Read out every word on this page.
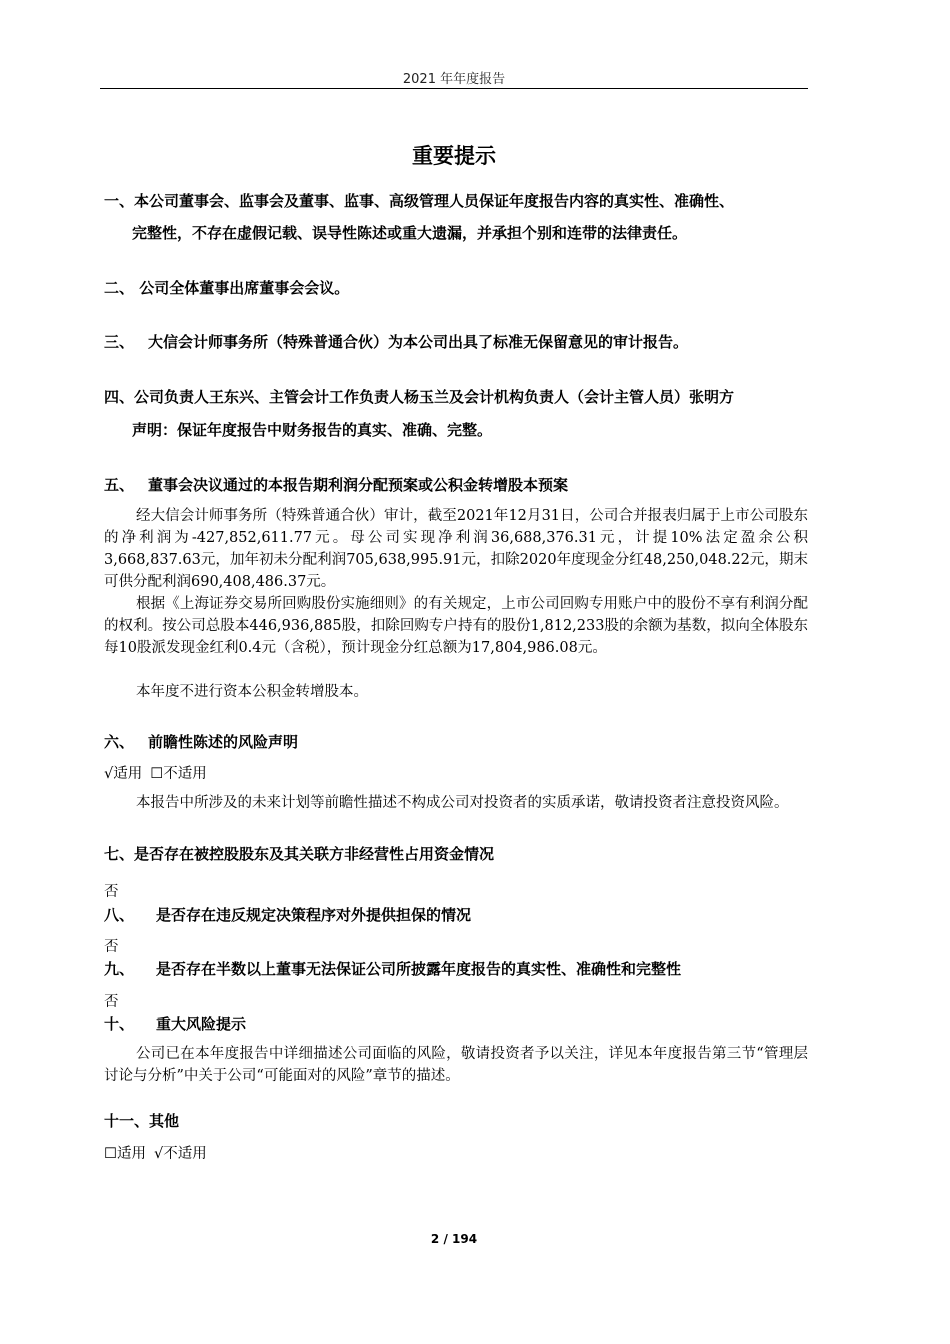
2021 年年度报告
重要提示
一、本公司董事会、监事会及董事、监事、高级管理人员保证年度报告内容的真实性、准确性、
完整性，不存在虚假记载、误导性陈述或重大遗漏，并承担个别和连带的法律责任。
二、 公司全体董事出席董事会会议。
三、 大信会计师事务所（特殊普通合伙）为本公司出具了标准无保留意见的审计报告。
四、公司负责人王东兴、主管会计工作负责人杨玉兰及会计机构负责人（会计主管人员）张明方
声明：保证年度报告中财务报告的真实、准确、完整。
五、 董事会决议通过的本报告期利润分配预案或公积金转增股本预案
经大信会计师事务所（特殊普通合伙）审计，截至2021年12月31日，公司合并报表归属于上市公司股东的净利润为-427,852,611.77元。母公司实现净利润36,688,376.31元，计提10%法定盈余公积3,668,837.63元，加年初未分配利润705,638,995.91元，扣除2020年度现金分红48,250,048.22元，期末可供分配利润690,408,486.37元。
根据《上海证券交易所回购股份实施细则》的有关规定，上市公司回购专用账户中的股份不享有利润分配的权利。按公司总股本446,936,885股，扣除回购专户持有的股份1,812,233股的余额为基数，拟向全体股东每10股派发现金红利0.4元（含税），预计现金分红总额为17,804,986.08元。
本年度不进行资本公积金转增股本。
六、 前瞻性陈述的风险声明
√适用 ☐不适用
本报告中所涉及的未来计划等前瞻性描述不构成公司对投资者的实质承诺，敬请投资者注意投资风险。
七、是否存在被控股股东及其关联方非经营性占用资金情况
否
八、 是否存在违反规定决策程序对外提供担保的情况
否
九、 是否存在半数以上董事无法保证公司所披露年度报告的真实性、准确性和完整性
否
十、 重大风险提示
公司已在本年度报告中详细描述公司面临的风险，敬请投资者予以关注，详见本年度报告第三节“管理层讨论与分析”中关于公司“可能面对的风险”章节的描述。
十一、其他
☐适用 √不适用
2 / 194
